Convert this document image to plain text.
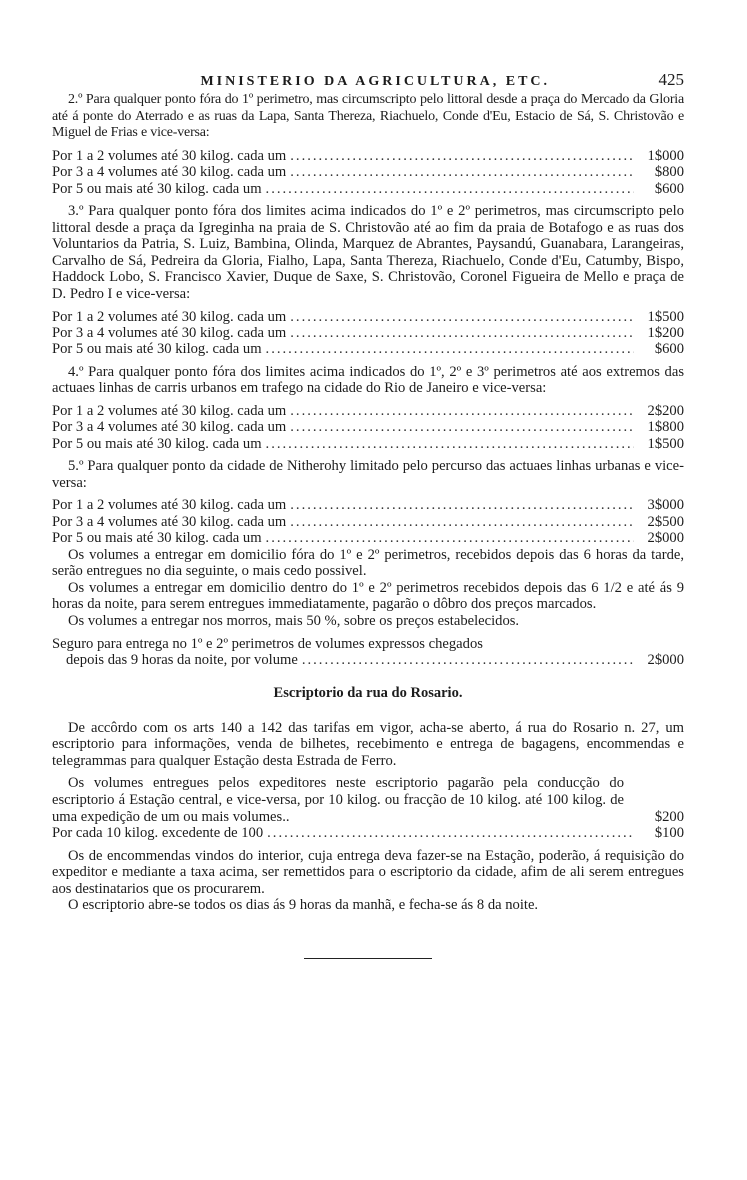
MINISTERIO DA AGRICULTURA, ETC.	425

2.º Para qualquer ponto fóra do 1º perimetro, mas circumscripto pelo littoral desde a praça do Mercado da Gloria até á ponte do Aterrado e as ruas da Lapa, Santa Thereza, Riachuelo, Conde d'Eu, Estacio de Sá, S. Christovão e Miguel de Frias e vice-versa:

Por 1 a 2 volumes até 30 kilog. cada um .....	1$000
Por 3 a 4 volumes até 30 kilog. cada um .....	$800
Por 5 ou mais até 30 kilog. cada um .....	$600

3.º Para qualquer ponto fóra dos limites acima indicados do 1º e 2º perimetros, mas circumscripto pelo littoral desde a praça da Igreginha na praia de S. Christovão até ao fim da praia de Botafogo e as ruas dos Voluntarios da Patria, S. Luiz, Bambina, Olinda, Marquez de Abrantes, Paysandú, Guanabara, Larangeiras, Carvalho de Sá, Pedreira da Gloria, Fialho, Lapa, Santa Thereza, Riachuelo, Conde d'Eu, Catumby, Bispo, Haddock Lobo, S. Francisco Xavier, Duque de Saxe, S. Christovão, Coronel Figueira de Mello e praça de D. Pedro I e vice-versa:

Por 1 a 2 volumes até 30 kilog. cada um .....	1$500
Por 3 a 4 volumes até 30 kilog. cada um .....	1$200
Por 5 ou mais até 30 kilog. cada um .....	$600

4.º Para qualquer ponto fóra dos limites acima indicados do 1º, 2º e 3º perimetros até aos extremos das actuaes linhas de carris urbanos em trafego na cidade do Rio de Janeiro e vice-versa:

Por 1 a 2 volumes até 30 kilog. cada um .....	2$200
Por 3 a 4 volumes até 30 kilog. cada um .....	1$800
Por 5 ou mais até 30 kilog. cada um .....	1$500

5.º Para qualquer ponto da cidade de Nitherohy limitado pelo percurso das actuaes linhas urbanas e vice-versa:

Por 1 a 2 volumes até 30 kilog. cada um .....	3$000
Por 3 a 4 volumes até 30 kilog. cada um .....	2$500
Por 5 ou mais até 30 kilog. cada um .....	2$000

Os volumes a entregar em domicilio fóra do 1º e 2º perimetros, recebidos depois das 6 horas da tarde, serão entregues no dia seguinte, o mais cedo possivel.

Os volumes a entregar em domicilio dentro do 1º e 2º perimetros recebidos depois das 6 1/2 e até ás 9 horas da noite, para serem entregues immediatamente, pagarão o dôbro dos preços marcados.

Os volumes a entregar nos morros, mais 50 %, sobre os preços estabelecidos.

Seguro para entrega no 1º e 2º perimetros de volumes expressos chegados

depois das 9 horas da noite, por volume .....	2$000
Escriptorio da rua do Rosario.

De accôrdo com os arts 140 a 142 das tarifas em vigor, acha-se aberto, á rua do Rosario n. 27, um escriptorio para informações, venda de bilhetes, recebimento e entrega de bagagens, encommendas e telegrammas para qualquer Estação desta Estrada de Ferro.

Os volumes entregues pelos expeditores neste escriptorio pagarão pela conducção do escriptorio á Estação central, e vice-versa, por 10 kilog. ou fracção de 10 kilog. até 100 kilog. de uma expedição de um ou mais volumes..	$200
Por cada 10 kilog. excedente de 100 .....	$100

Os de encommendas vindos do interior, cuja entrega deva fazer-se na Estação, poderão, á requisição do expeditor e mediante a taxa acima, ser remettidos para o escriptorio da cidade, afim de ali serem entregues aos destinatarios que os procurarem.

O escriptorio abre-se todos os dias ás 9 horas da manhã, e fecha-se ás 8 da noite.
